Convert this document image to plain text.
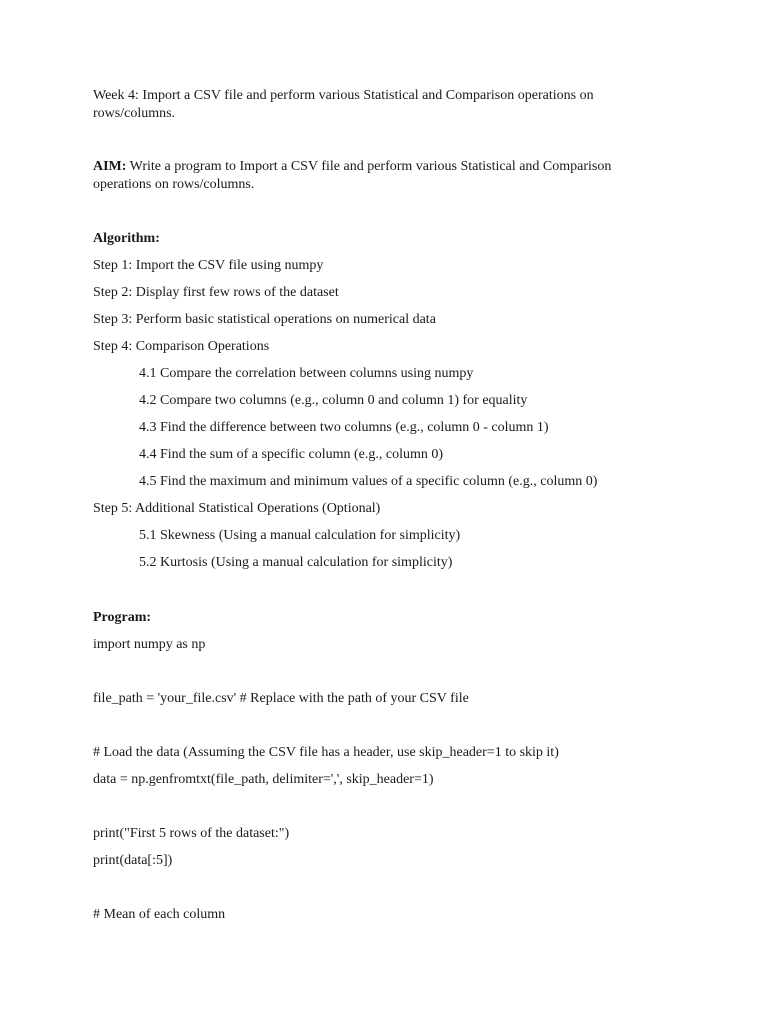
Week 4: Import a CSV file and perform various Statistical and Comparison operations on
rows/columns.
AIM: Write a program to Import a CSV file and perform various Statistical and Comparison
operations on rows/columns.
Algorithm:
Step 1: Import the CSV file using numpy
Step 2: Display first few rows of the dataset
Step 3: Perform basic statistical operations on numerical data
Step 4: Comparison Operations
4.1 Compare the correlation between columns using numpy
4.2 Compare two columns (e.g., column 0 and column 1) for equality
4.3 Find the difference between two columns (e.g., column 0 - column 1)
4.4 Find the sum of a specific column (e.g., column 0)
4.5 Find the maximum and minimum values of a specific column (e.g., column 0)
Step 5: Additional Statistical Operations (Optional)
5.1 Skewness (Using a manual calculation for simplicity)
5.2 Kurtosis (Using a manual calculation for simplicity)
Program:
import numpy as np
file_path = 'your_file.csv' # Replace with the path of your CSV file
# Load the data (Assuming the CSV file has a header, use skip_header=1 to skip it)
data = np.genfromtxt(file_path, delimiter=',', skip_header=1)
print("First 5 rows of the dataset:")
print(data[:5])
# Mean of each column
